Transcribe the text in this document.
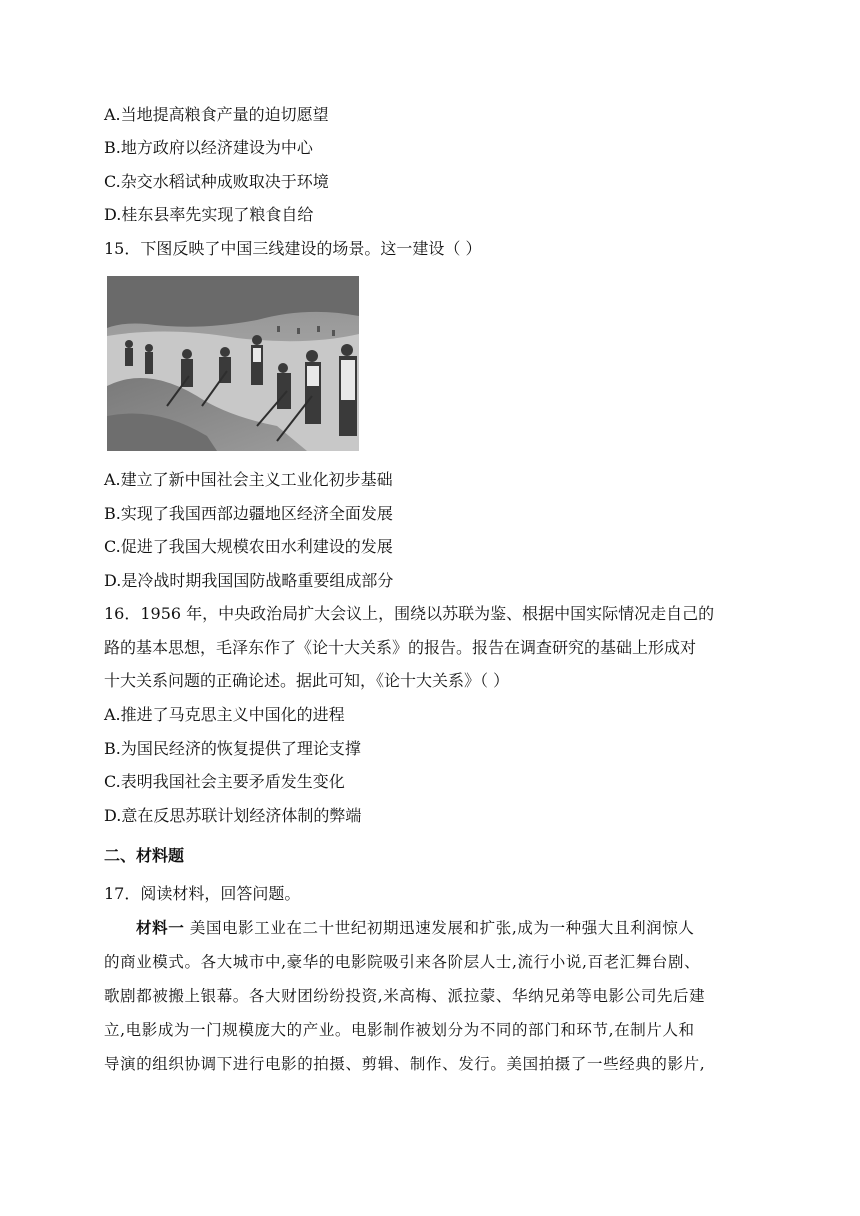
A.当地提高粮食产量的迫切愿望
B.地方政府以经济建设为中心
C.杂交水稻试种成败取决于环境
D.桂东县率先实现了粮食自给
15．下图反映了中国三线建设的场景。这一建设（ ）
A.建立了新中国社会主义工业化初步基础
B.实现了我国西部边疆地区经济全面发展
C.促进了我国大规模农田水利建设的发展
D.是冷战时期我国国防战略重要组成部分
16．1956 年，中央政治局扩大会议上，围绕以苏联为鉴、根据中国实际情况走自己的
路的基本思想，毛泽东作了《论十大关系》的报告。报告在调查研究的基础上形成对
十大关系问题的正确论述。据此可知，《论十大关系》（ ）
A.推进了马克思主义中国化的进程
B.为国民经济的恢复提供了理论支撑
C.表明我国社会主要矛盾发生变化
D.意在反思苏联计划经济体制的弊端
二、材料题
17．阅读材料，回答问题。
材料一 美国电影工业在二十世纪初期迅速发展和扩张,成为一种强大且利润惊人
的商业模式。各大城市中,豪华的电影院吸引来各阶层人士,流行小说,百老汇舞台剧、
歌剧都被搬上银幕。各大财团纷纷投资,米高梅、派拉蒙、华纳兄弟等电影公司先后建
立,电影成为一门规模庞大的产业。电影制作被划分为不同的部门和环节,在制片人和
导演的组织协调下进行电影的拍摄、剪辑、制作、发行。美国拍摄了一些经典的影片,
